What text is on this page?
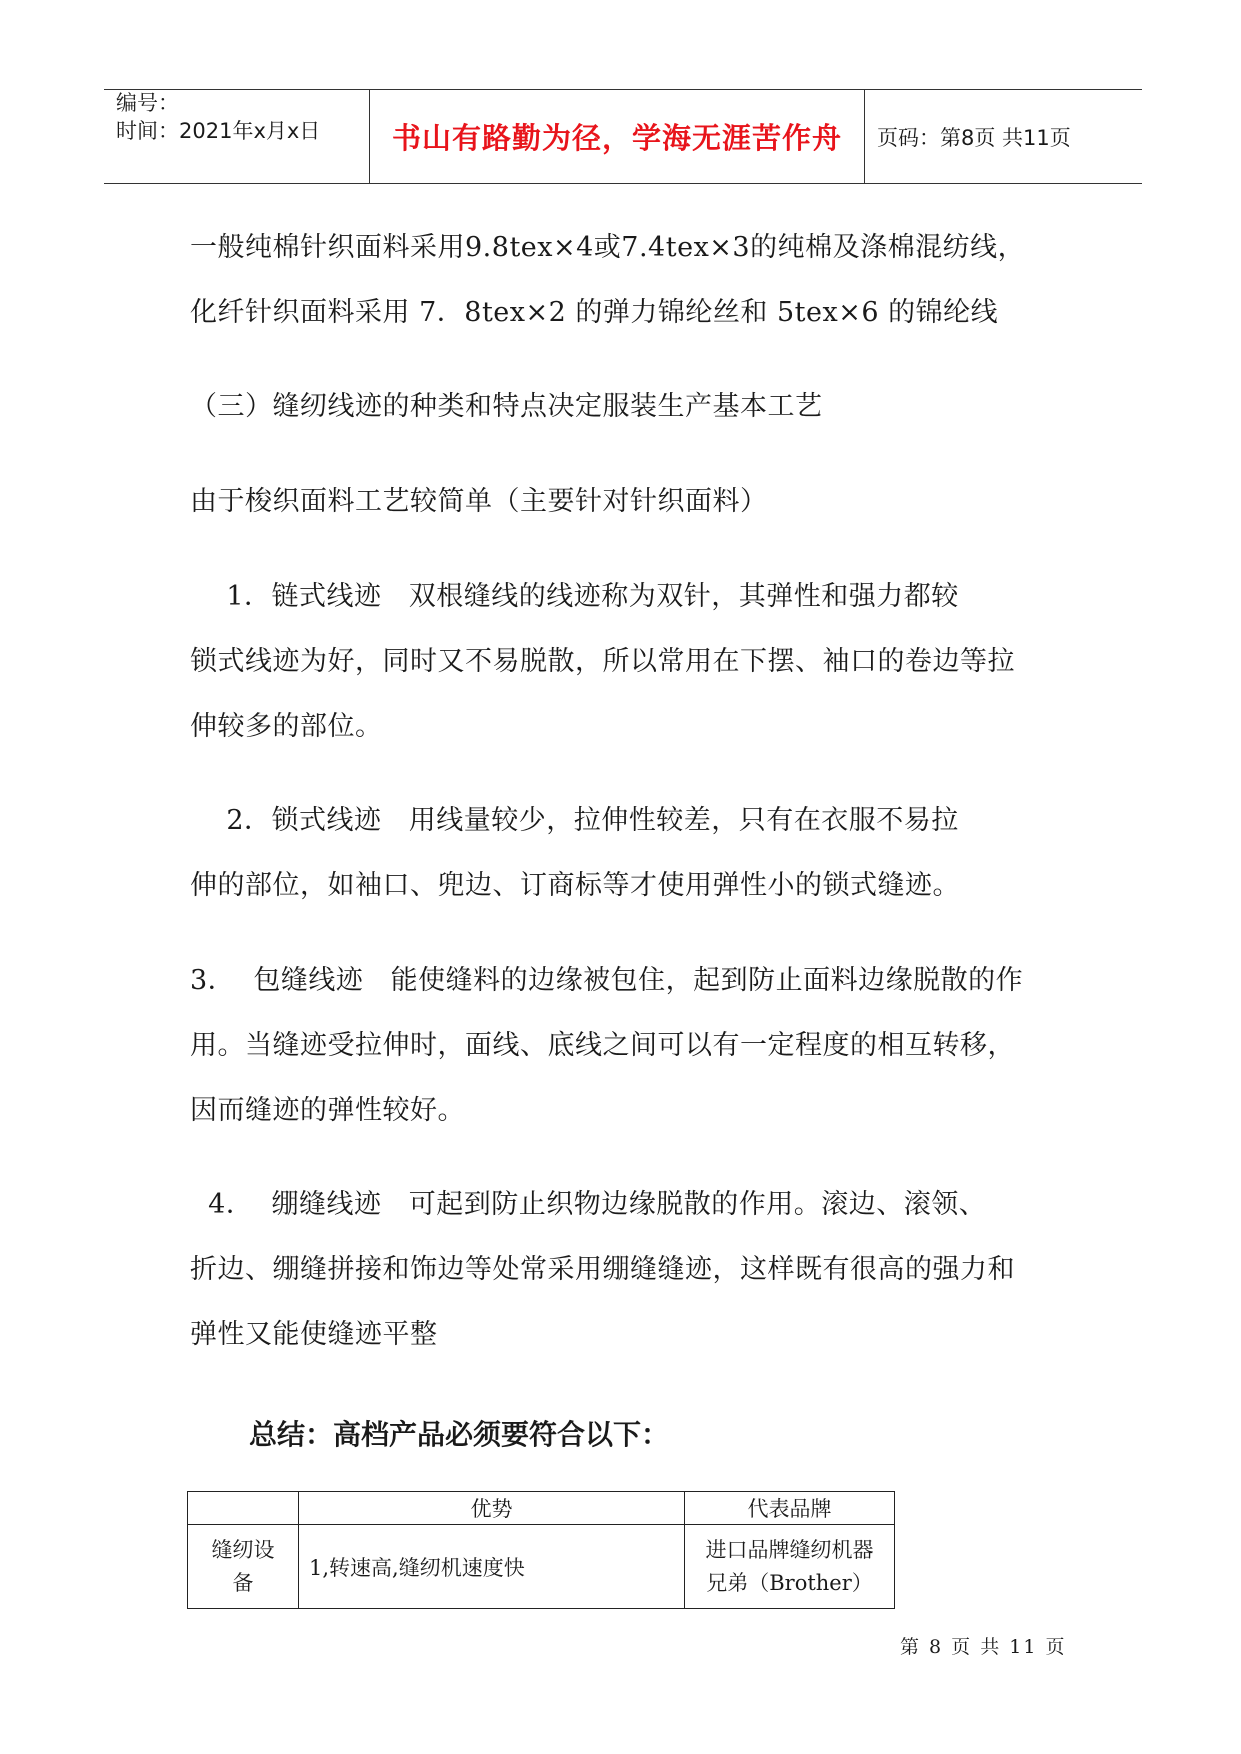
编号：
时间：2021年x月x日	书山有路勤为径，学海无涯苦作舟	页码：第8页 共11页
一般纯棉针织面料采用9.8tex×4或7.4tex×3的纯棉及涤棉混纺线，
化纤针织面料采用 7．8tex×2 的弹力锦纶丝和 5tex×6 的锦纶线
（三）缝纫线迹的种类和特点决定服装生产基本工艺
由于梭织面料工艺较简单（主要针对针织面料）
1．链式线迹   双根缝线的线迹称为双针，其弹性和强力都较
锁式线迹为好，同时又不易脱散，所以常用在下摆、袖口的卷边等拉
伸较多的部位。
2．锁式线迹   用线量较少，拉伸性较差，只有在衣服不易拉
伸的部位，如袖口、兜边、订商标等才使用弹性小的锁式缝迹。
3．  包缝线迹   能使缝料的边缘被包住，起到防止面料边缘脱散的作
用。当缝迹受拉伸时，面线、底线之间可以有一定程度的相互转移，
因而缝迹的弹性较好。
4．  绷缝线迹   可起到防止织物边缘脱散的作用。滚边、滚领、
折边、绷缝拼接和饰边等处常采用绷缝缝迹，这样既有很高的强力和
弹性又能使缝迹平整
总结：高档产品必须要符合以下：
	优势	代表品牌
缝纫设备	1,转速高,缝纫机速度快	进口品牌缝纫机器
兄弟（Brother）
第 8 页 共 11 页
